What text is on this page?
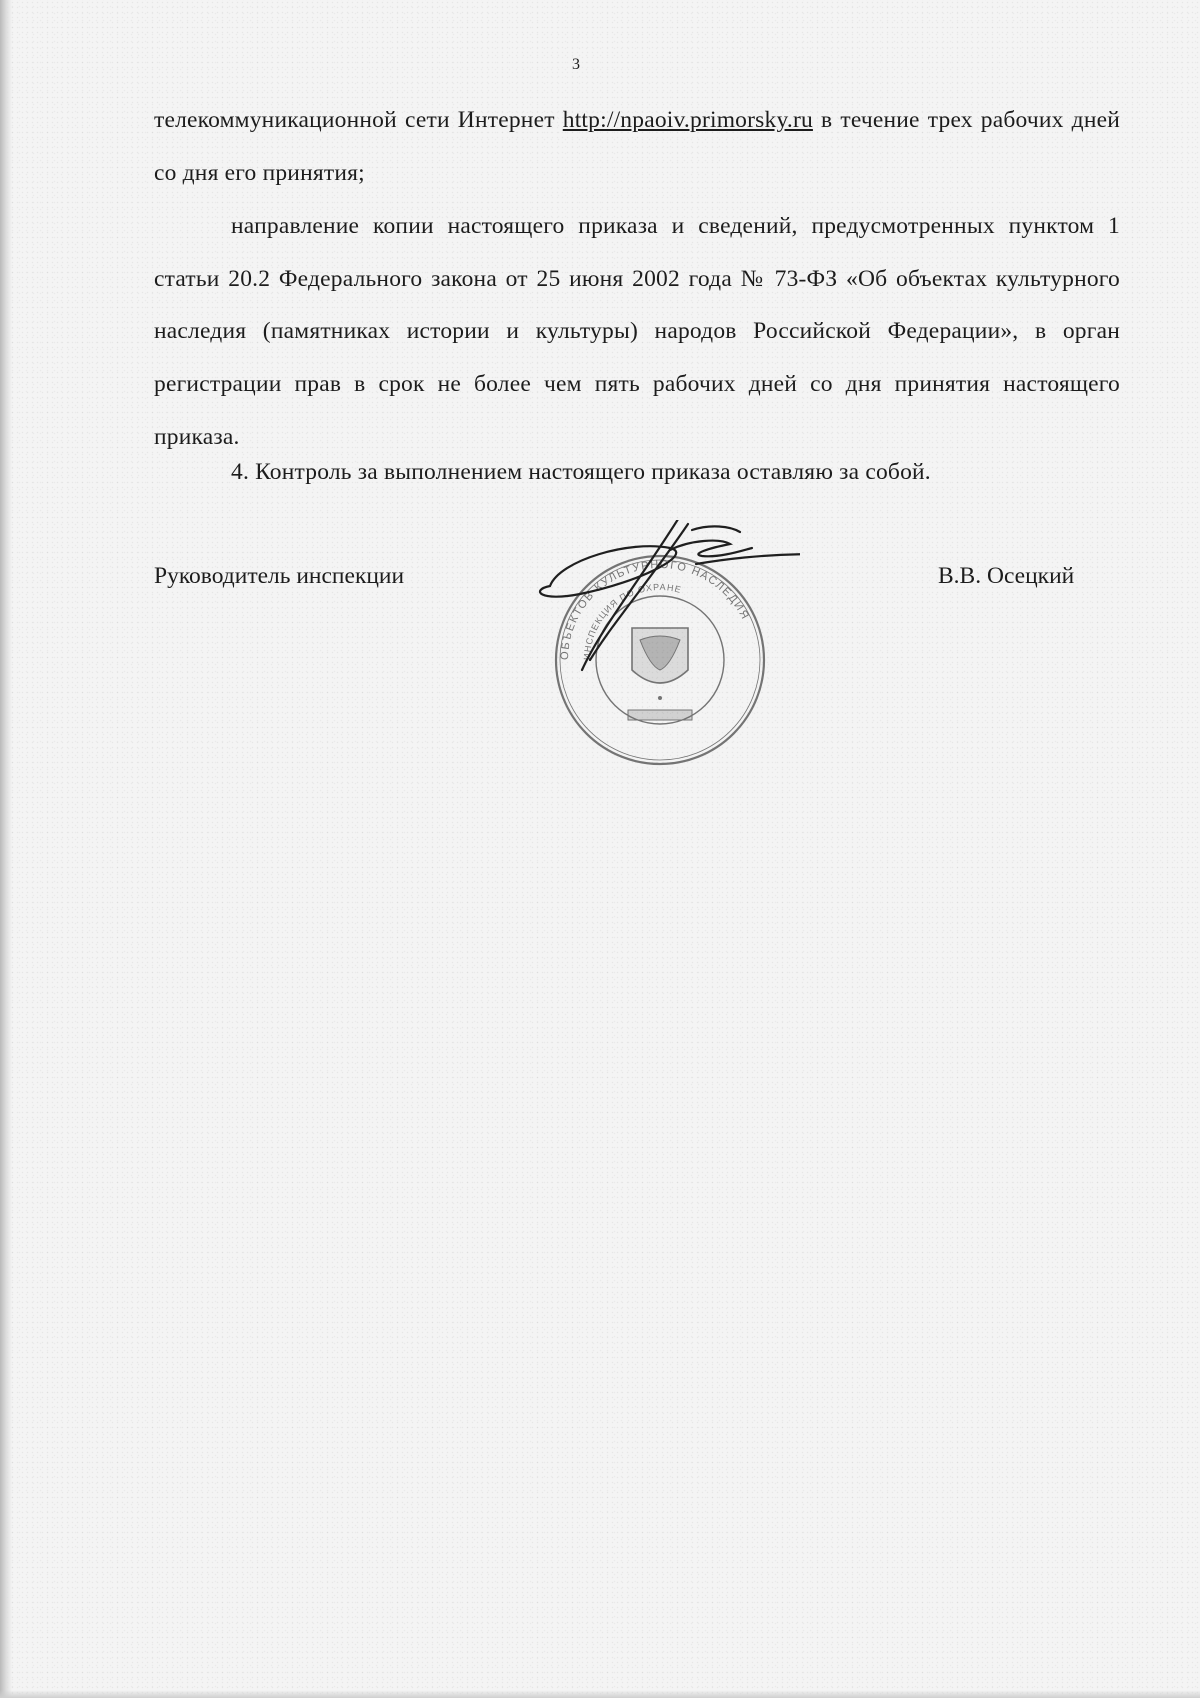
3
телекоммуникационной сети Интернет http://npaoiv.primorsky.ru в течение трех рабочих дней со дня его принятия;
направление копии настоящего приказа и сведений, предусмотренных пунктом 1 статьи 20.2 Федерального закона от 25 июня 2002 года № 73-ФЗ «Об объектах культурного наследия (памятниках истории и культуры) народов Российской Федерации», в орган регистрации прав в срок не более чем пять рабочих дней со дня принятия настоящего приказа.
4. Контроль за выполнением настоящего приказа оставляю за собой.
Руководитель инспекции	В.В. Осецкий
ОБЪЕКТОВ КУЛЬТУРНОГО НАСЛЕДИЯ
ИНСПЕКЦИЯ ПО ОХРАНЕ
